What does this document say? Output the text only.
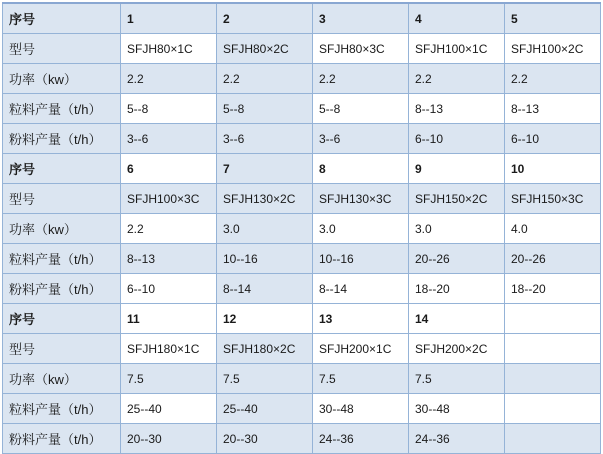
序号	1	2	3	4	5
型号	SFJH80×1C	SFJH80×2C	SFJH80×3C	SFJH100×1C	SFJH100×2C
功率（kw）	2.2	2.2	2.2	2.2	2.2
粒料产量（t/h）	5--8	5--8	5--8	8--13	8--13
粉料产量（t/h）	3--6	3--6	3--6	6--10	6--10
序号	6	7	8	9	10
型号	SFJH100×3C	SFJH130×2C	SFJH130×3C	SFJH150×2C	SFJH150×3C
功率（kw）	2.2	3.0	3.0	3.0	4.0
粒料产量（t/h）	8--13	10--16	10--16	20--26	20--26
粉料产量（t/h）	6--10	8--14	8--14	18--20	18--20
序号	11	12	13	14	
型号	SFJH180×1C	SFJH180×2C	SFJH200×1C	SFJH200×2C	
功率（kw）	7.5	7.5	7.5	7.5	
粒料产量（t/h）	25--40	25--40	30--48	30--48	
粉料产量（t/h）	20--30	20--30	24--36	24--36	
